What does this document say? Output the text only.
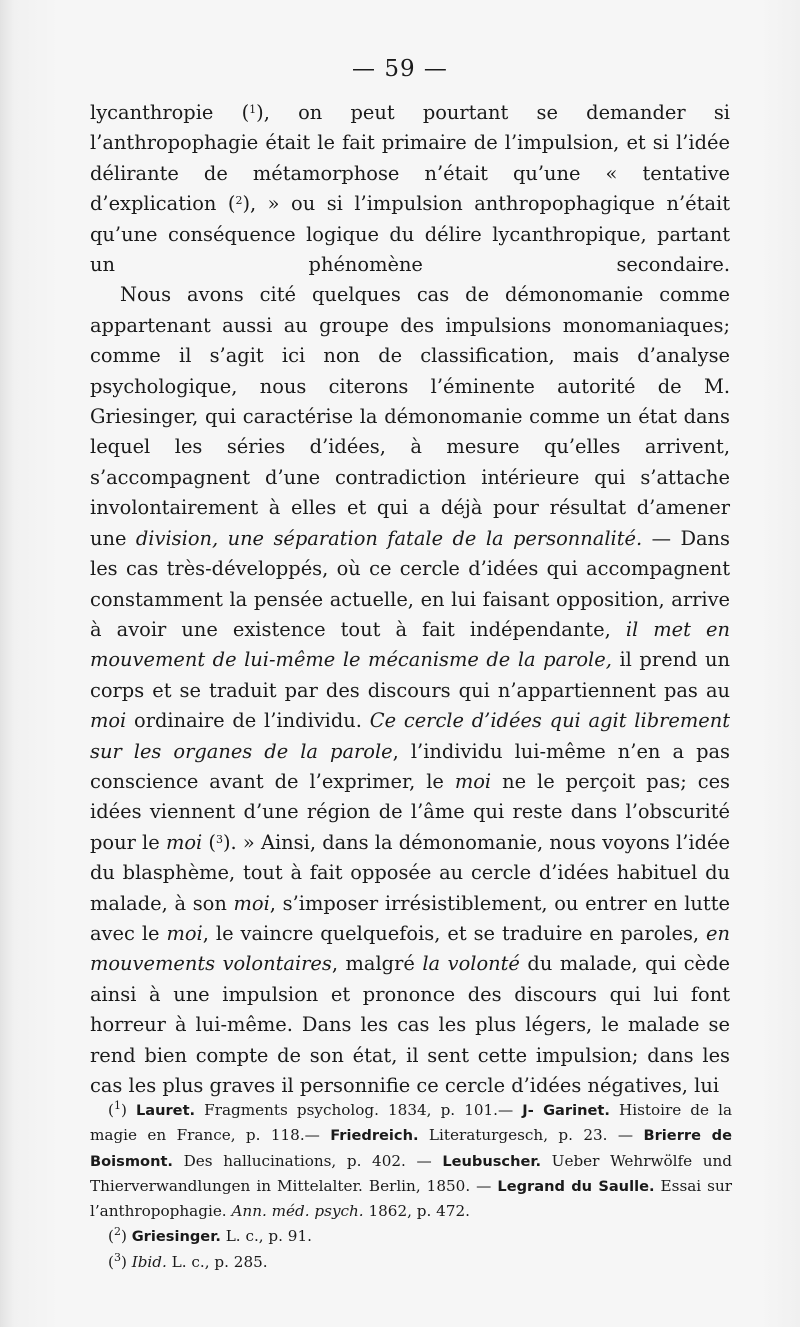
— 59 —

lycanthropie ($^1$), on peut pourtant se demander si l’anthropophagie était le fait primaire de l’impulsion, et si l’idée délirante de métamorphose n’était qu’une « tentative d’explication ($^2$), » ou si l’impulsion anthropophagique n’était qu’une conséquence logique du délire lycanthropique, partant un phénomène secondaire.

Nous avons cité quelques cas de démonomanie comme appartenant aussi au groupe des impulsions monomaniaques; comme il s’agit ici non de classification, mais d’analyse psychologique, nous citerons l’éminente autorité de M. Griesinger, qui caractérise la démonomanie comme un état dans lequel les séries d’idées, à mesure qu’elles arrivent, s’accompagnent d’une contradiction intérieure qui s’attache involontairement à elles et qui a déjà pour résultat d’amener une division, une séparation fatale de la personnalité. — Dans les cas très-développés, où ce cercle d’idées qui accompagnent constamment la pensée actuelle, en lui faisant opposition, arrive à avoir une existence tout à fait indépendante, il met en mouvement de lui-même le mécanisme de la parole, il prend un corps et se traduit par des discours qui n’appartiennent pas au moi ordinaire de l’individu. Ce cercle d’idées qui agit librement sur les organes de la parole, l’individu lui-même n’en a pas conscience avant de l’exprimer, le moi ne le perçoit pas; ces idées viennent d’une région de l’âme qui reste dans l’obscurité pour le moi ($^3$). » Ainsi, dans la démonomanie, nous voyons l’idée du blasphème, tout à fait opposée au cercle d’idées habituel du malade, à son moi, s’imposer irrésistiblement, ou entrer en lutte avec le moi, le vaincre quelquefois, et se traduire en paroles, en mouvements volontaires, malgré la volonté du malade, qui cède ainsi à une impulsion et prononce des discours qui lui font horreur à lui-même. Dans les cas les plus légers, le malade se rend bien compte de son état, il sent cette impulsion; dans les cas les plus graves il personnifie ce cercle d’idées négatives, lui

($^1$) Lauret. Fragments psycholog. 1834, p. 101.— J- Garinet. Histoire de la magie en France, p. 118.— Friedreich. Literaturgesch, p. 23. — Brierre de Boismont. Des hallucinations, p. 402. — Leubuscher. Ueber Wehrwölfe und Thierverwandlungen in Mittelalter. Berlin, 1850. — Legrand du Saulle. Essai sur l’anthropophagie. Ann. méd. psych. 1862, p. 472.

($^2$) Griesinger. L. c., p. 91.

($^3$) Ibid. L. c., p. 285.
